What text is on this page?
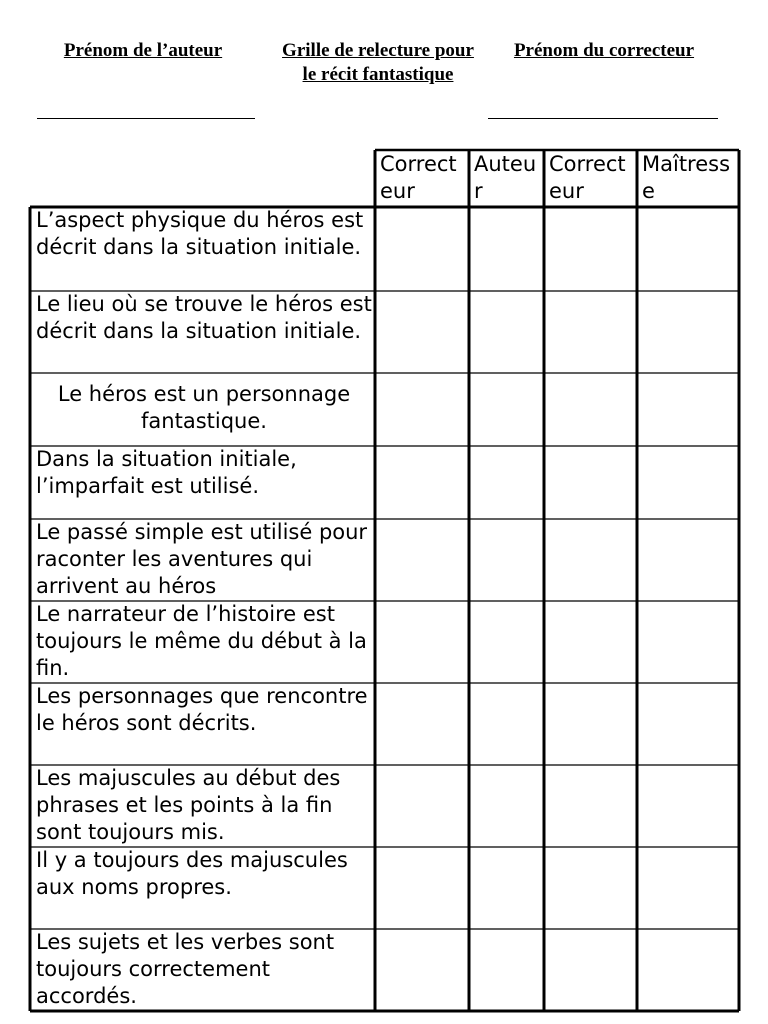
Prénom de l’auteur	Grille de relecture pour le récit fantastique
Prénom du correcteur
Correcteur
Auteur
Correcteur
Maîtresse
L’aspect physique du héros est décrit dans la situation initiale.
Le lieu où se trouve le héros est décrit dans la situation initiale.
Le héros est un personnage fantastique.
Dans la situation initiale, l’imparfait est utilisé.
Le passé simple est utilisé pour raconter les aventures qui arrivent au héros
Le narrateur de l’histoire est toujours le même du début à la fin.
Les personnages que rencontre le héros sont décrits.
Les majuscules au début des phrases et les points à la fin sont toujours mis.
Il y a toujours des majuscules aux noms propres.
Les sujets et les verbes sont toujours correctement accordés.
